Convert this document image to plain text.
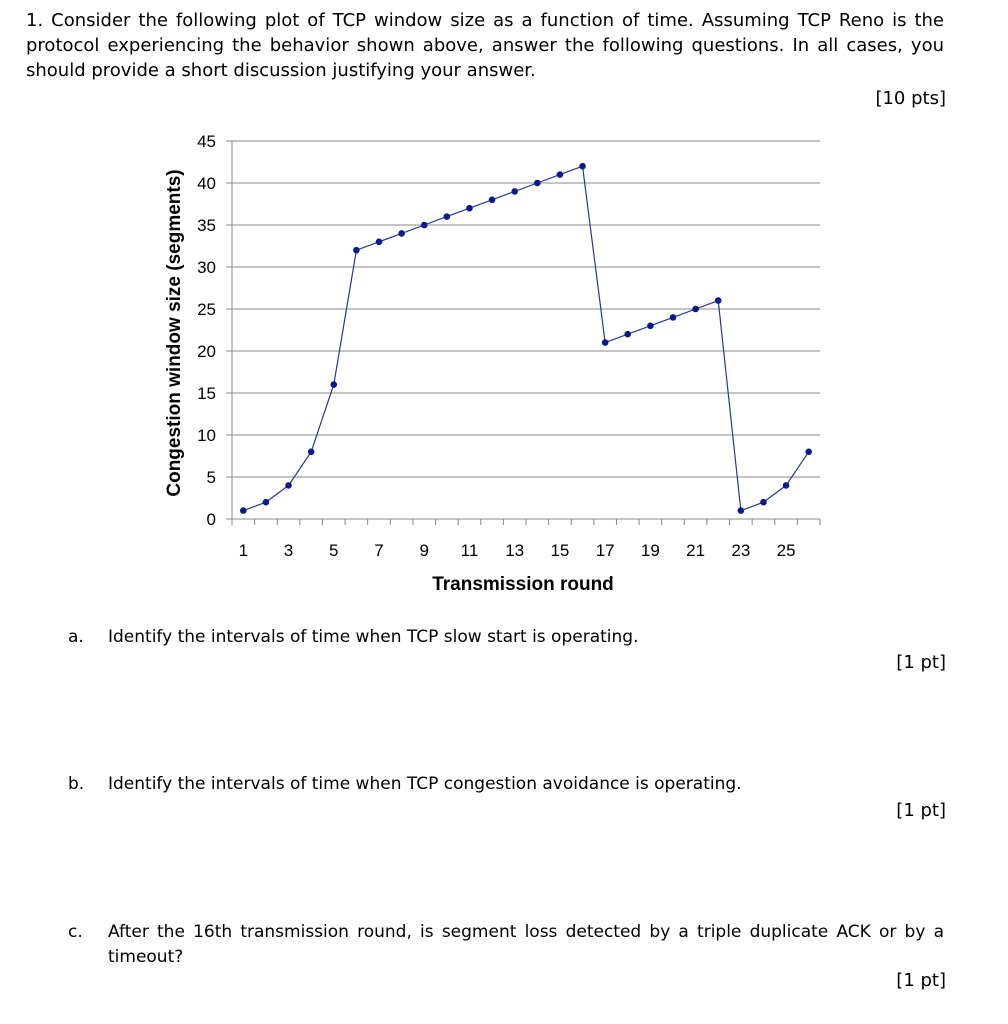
1. Consider the following plot of TCP window size as a function of time. Assuming TCP Reno is the protocol experiencing the behavior shown above, answer the following questions. In all cases, you should provide a short discussion justifying your answer.
[10 pts]
0
5
10
15
20
25
30
35
40
45
1 3 5 7 9 11 13 15 17 19 21 23 25
Congestion window size (segments)
Transmission round
a.	Identify the intervals of time when TCP slow start is operating.
[1 pt]
b.	Identify the intervals of time when TCP congestion avoidance is operating.
[1 pt]
c.	After the 16th transmission round, is segment loss detected by a triple duplicate ACK or by a timeout?
[1 pt]
